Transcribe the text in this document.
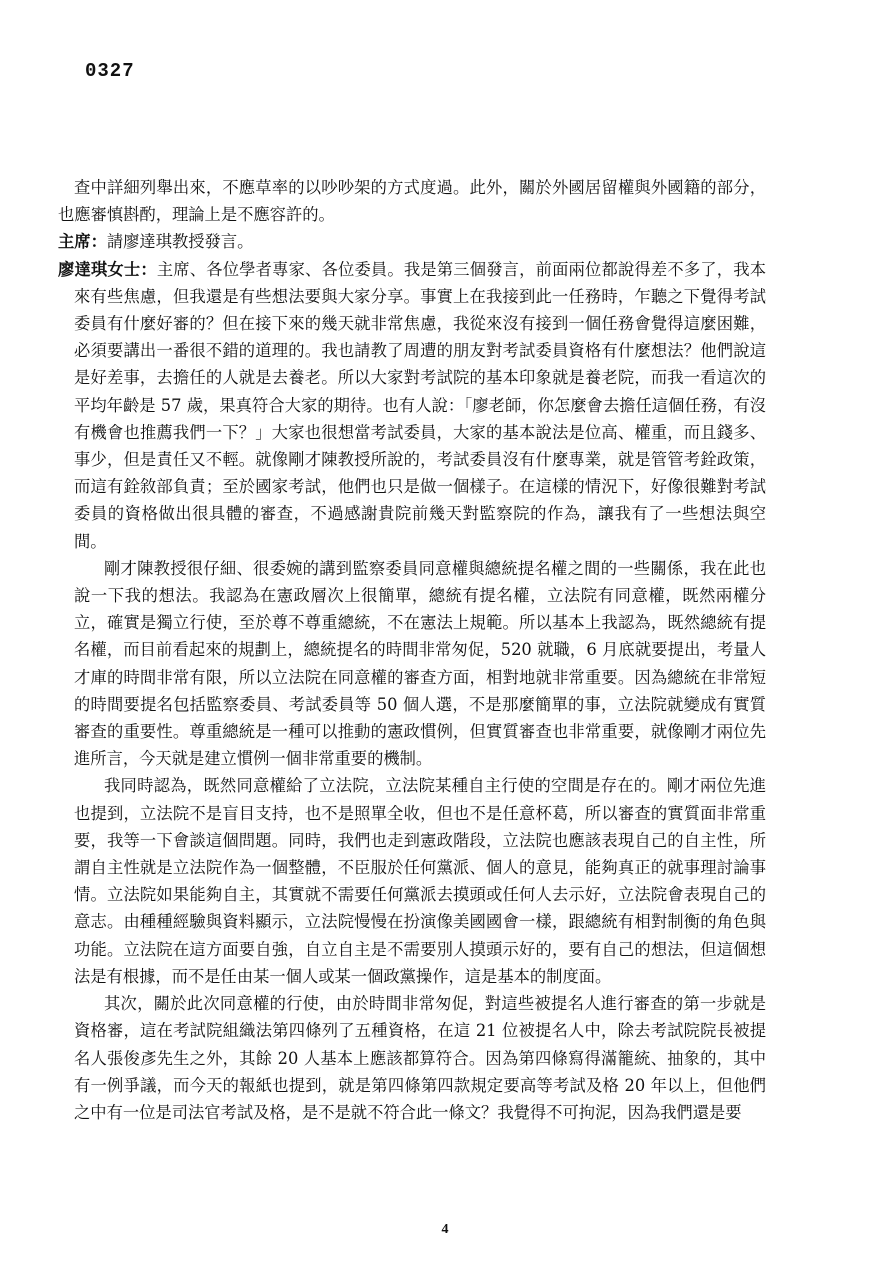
0327

查中詳細列舉出來，不應草率的以吵吵架的方式度過。此外，關於外國居留權與外國籍的部分，也應審慎斟酌，理論上是不應容許的。

主席：請廖達琪教授發言。

廖達琪女士：主席、各位學者專家、各位委員。我是第三個發言，前面兩位都說得差不多了，我本來有些焦慮，但我還是有些想法要與大家分享。事實上在我接到此一任務時，乍聽之下覺得考試委員有什麼好審的？但在接下來的幾天就非常焦慮，我從來沒有接到一個任務會覺得這麼困難，必須要講出一番很不錯的道理的。我也請教了周遭的朋友對考試委員資格有什麼想法？他們說這是好差事，去擔任的人就是去養老。所以大家對考試院的基本印象就是養老院，而我一看這次的平均年齡是 57 歲，果真符合大家的期待。也有人說：「廖老師，你怎麼會去擔任這個任務，有沒有機會也推薦我們一下？」大家也很想當考試委員，大家的基本說法是位高、權重，而且錢多、事少，但是責任又不輕。就像剛才陳教授所說的，考試委員沒有什麼專業，就是管管考銓政策，而這有銓敘部負責；至於國家考試，他們也只是做一個樣子。在這樣的情況下，好像很難對考試委員的資格做出很具體的審查，不過感謝貴院前幾天對監察院的作為，讓我有了一些想法與空間。

剛才陳教授很仔細、很委婉的講到監察委員同意權與總統提名權之間的一些關係，我在此也說一下我的想法。我認為在憲政層次上很簡單，總統有提名權，立法院有同意權，既然兩權分立，確實是獨立行使，至於尊不尊重總統，不在憲法上規範。所以基本上我認為，既然總統有提名權，而目前看起來的規劃上，總統提名的時間非常匆促，520 就職，6 月底就要提出，考量人才庫的時間非常有限，所以立法院在同意權的審查方面，相對地就非常重要。因為總統在非常短的時間要提名包括監察委員、考試委員等 50 個人選，不是那麼簡單的事，立法院就變成有實質審查的重要性。尊重總統是一種可以推動的憲政慣例，但實質審查也非常重要，就像剛才兩位先進所言，今天就是建立慣例一個非常重要的機制。

我同時認為，既然同意權給了立法院，立法院某種自主行使的空間是存在的。剛才兩位先進也提到，立法院不是盲目支持，也不是照單全收，但也不是任意杯葛，所以審查的實質面非常重要，我等一下會談這個問題。同時，我們也走到憲政階段，立法院也應該表現自己的自主性，所謂自主性就是立法院作為一個整體，不臣服於任何黨派、個人的意見，能夠真正的就事理討論事情。立法院如果能夠自主，其實就不需要任何黨派去摸頭或任何人去示好，立法院會表現自己的意志。由種種經驗與資料顯示，立法院慢慢在扮演像美國國會一樣，跟總統有相對制衡的角色與功能。立法院在這方面要自強，自立自主是不需要別人摸頭示好的，要有自己的想法，但這個想法是有根據，而不是任由某一個人或某一個政黨操作，這是基本的制度面。

其次，關於此次同意權的行使，由於時間非常匆促，對這些被提名人進行審查的第一步就是資格審，這在考試院組織法第四條列了五種資格，在這 21 位被提名人中，除去考試院院長被提名人張俊彥先生之外，其餘 20 人基本上應該都算符合。因為第四條寫得滿籠統、抽象的，其中有一例爭議，而今天的報紙也提到，就是第四條第四款規定要高等考試及格 20 年以上，但他們之中有一位是司法官考試及格，是不是就不符合此一條文？我覺得不可拘泥，因為我們還是要

4
